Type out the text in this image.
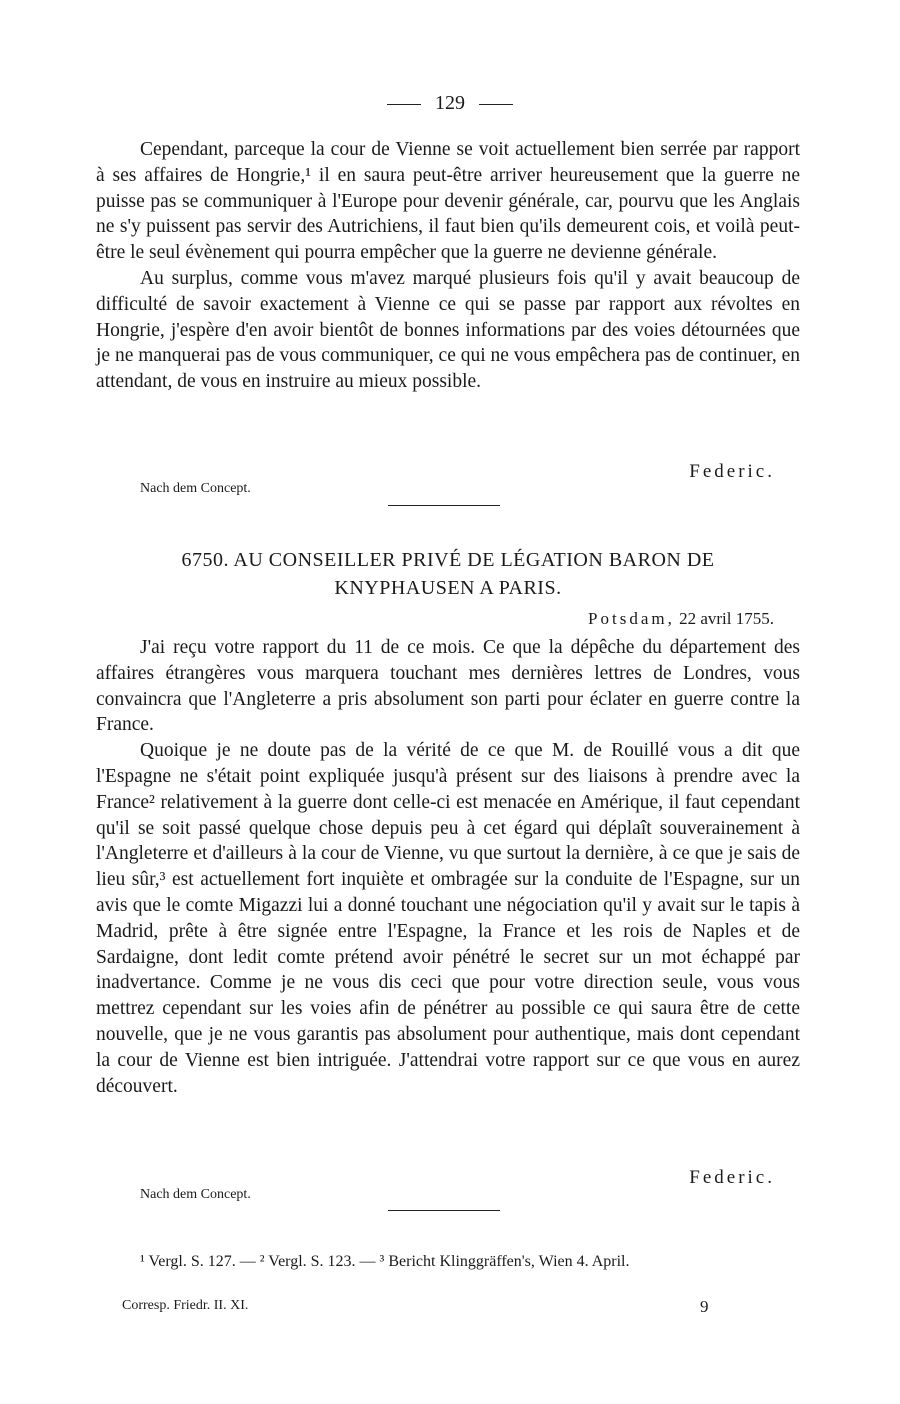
129

Cependant, parceque la cour de Vienne se voit actuellement bien serrée par rapport à ses affaires de Hongrie,¹ il en saura peut-être arriver heureusement que la guerre ne puisse pas se communiquer à l'Europe pour devenir générale, car, pourvu que les Anglais ne s'y puissent pas servir des Autrichiens, il faut bien qu'ils demeurent cois, et voilà peut-être le seul évènement qui pourra empêcher que la guerre ne devienne générale.

Au surplus, comme vous m'avez marqué plusieurs fois qu'il y avait beaucoup de difficulté de savoir exactement à Vienne ce qui se passe par rapport aux révoltes en Hongrie, j'espère d'en avoir bientôt de bonnes informations par des voies détournées que je ne manquerai pas de vous communiquer, ce qui ne vous empêchera pas de continuer, en attendant, de vous en instruire au mieux possible.

Federic.
Nach dem Concept.
6750. AU CONSEILLER PRIVÉ DE LÉGATION BARON DE
KNYPHAUSEN A PARIS.
Potsdam, 22 avril 1755.

J'ai reçu votre rapport du 11 de ce mois. Ce que la dépêche du département des affaires étrangères vous marquera touchant mes dernières lettres de Londres, vous convaincra que l'Angleterre a pris absolument son parti pour éclater en guerre contre la France.

Quoique je ne doute pas de la vérité de ce que M. de Rouillé vous a dit que l'Espagne ne s'était point expliquée jusqu'à présent sur des liaisons à prendre avec la France² relativement à la guerre dont celle-ci est menacée en Amérique, il faut cependant qu'il se soit passé quelque chose depuis peu à cet égard qui déplaît souverainement à l'Angleterre et d'ailleurs à la cour de Vienne, vu que surtout la dernière, à ce que je sais de lieu sûr,³ est actuellement fort inquiète et ombragée sur la conduite de l'Espagne, sur un avis que le comte Migazzi lui a donné touchant une négociation qu'il y avait sur le tapis à Madrid, prête à être signée entre l'Espagne, la France et les rois de Naples et de Sardaigne, dont ledit comte prétend avoir pénétré le secret sur un mot échappé par inadvertance. Comme je ne vous dis ceci que pour votre direction seule, vous vous mettrez cependant sur les voies afin de pénétrer au possible ce qui saura être de cette nouvelle, que je ne vous garantis pas absolument pour authentique, mais dont cependant la cour de Vienne est bien intriguée. J'attendrai votre rapport sur ce que vous en aurez découvert.

Federic.
Nach dem Concept.
¹ Vergl. S. 127. — ² Vergl. S. 123. — ³ Bericht Klinggräffen's, Wien 4. April.
Corresp. Friedr. II. XI.	9
